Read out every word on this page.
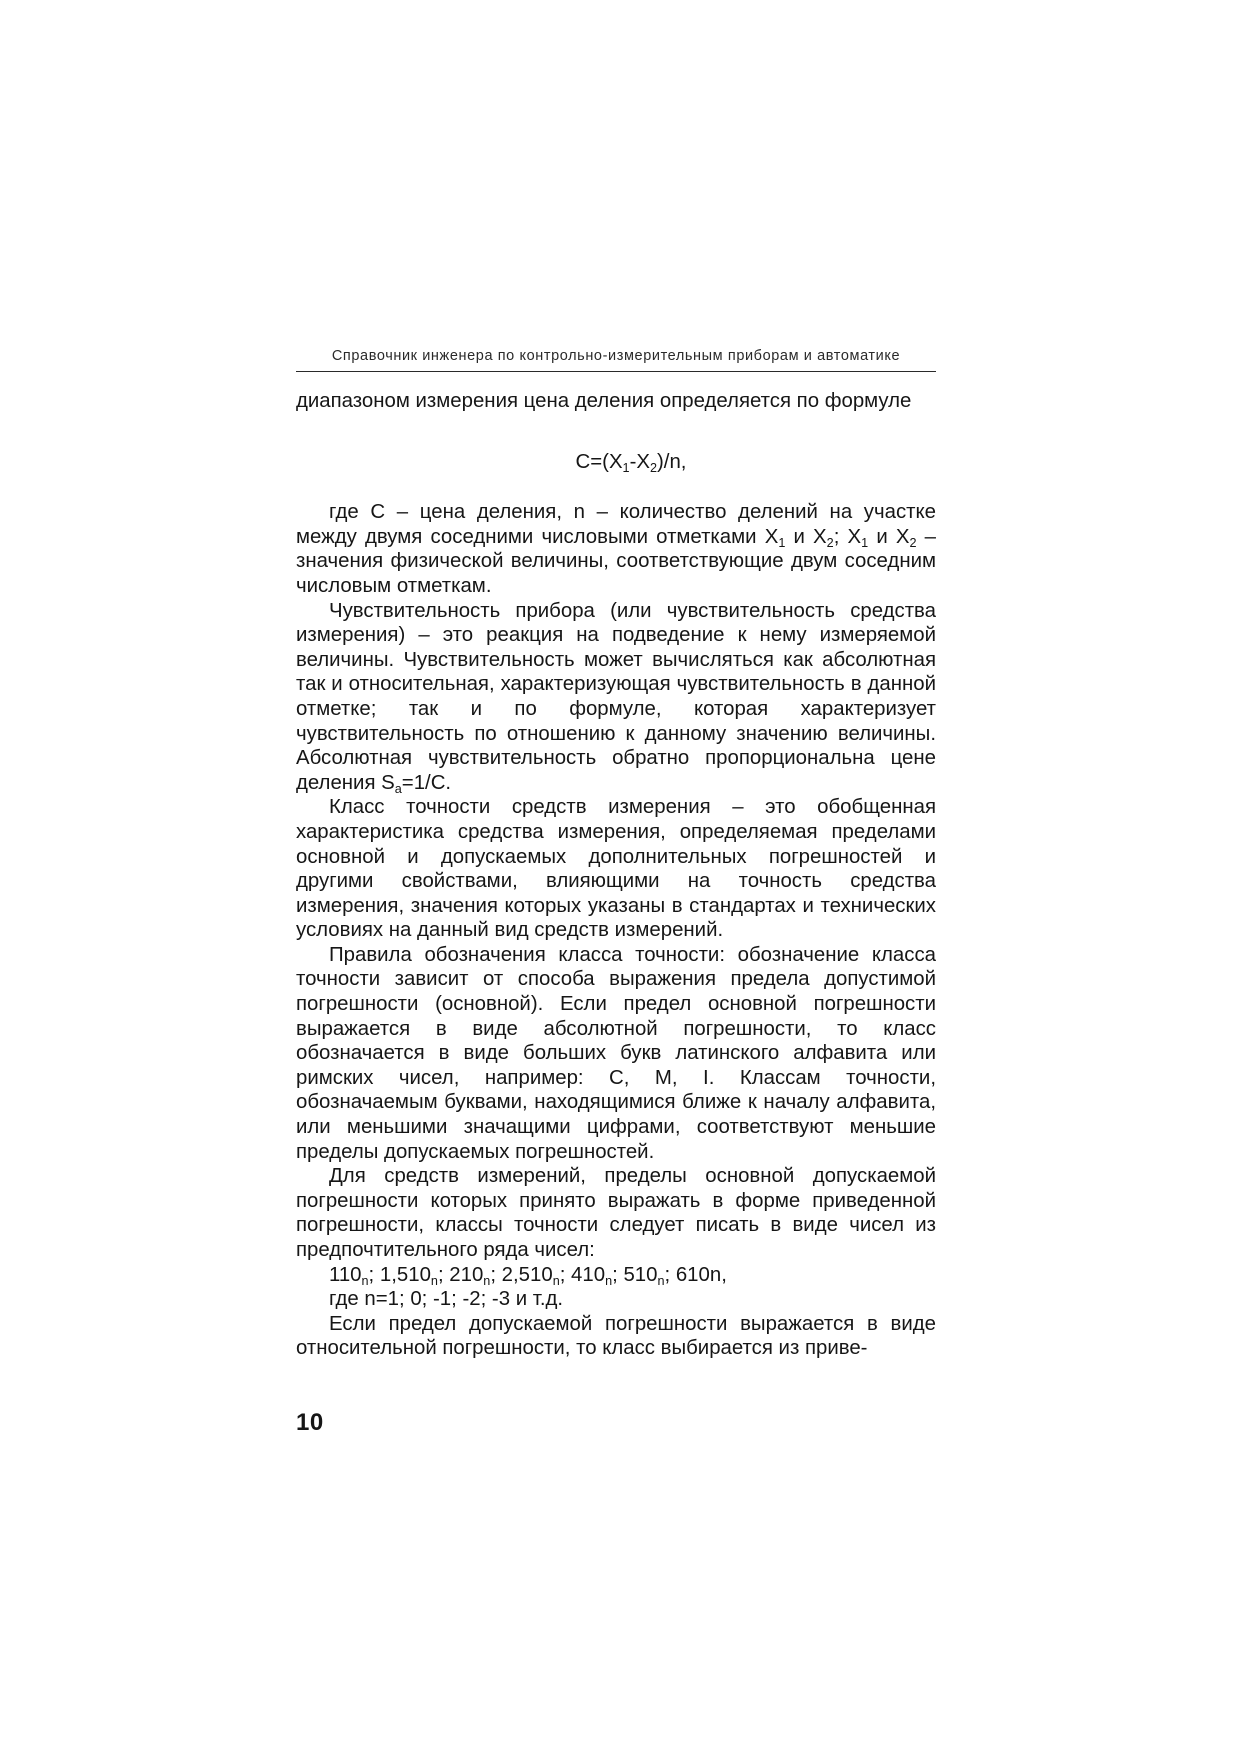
Справочник инженера по контрольно-измерительным приборам и автоматике

диапазоном измерения цена деления определяется по формуле

$C=(X_1-X_2)/n$,

где C – цена деления, n – количество делений на участке между двумя соседними числовыми отметками $X_1$ и $X_2$; $X_1$ и $X_2$ – значения физической величины, соответствующие двум соседним числовым отметкам.

Чувствительность прибора (или чувствительность средства измерения) – это реакция на подведение к нему измеряемой величины. Чувствительность может вычисляться как абсолютная так и относительная, характеризующая чувствительность в данной отметке; так и по формуле, которая характеризует чувствительность по отношению к данному значению величины. Абсолютная чувствительность обратно пропорциональна цене деления $S_a=1/C$.

Класс точности средств измерения – это обобщенная характеристика средства измерения, определяемая пределами основной и допускаемых дополнительных погрешностей и другими свойствами, влияющими на точность средства измерения, значения которых указаны в стандартах и технических условиях на данный вид средств измерений.

Правила обозначения класса точности: обозначение класса точности зависит от способа выражения предела допустимой погрешности (основной). Если предел основной погрешности выражается в виде абсолютной погрешности, то класс обозначается в виде больших букв латинского алфавита или римских чисел, например: C, M, I. Классам точности, обозначаемым буквами, находящимися ближе к началу алфавита, или меньшими значащими цифрами, соответствуют меньшие пределы допускаемых погрешностей.

Для средств измерений, пределы основной допускаемой погрешности которых принято выражать в форме приведенной погрешности, классы точности следует писать в виде чисел из предпочтительного ряда чисел:

$110_n$; $1,510_n$; $210_n$; $2,510_n$; $410_n$; $510_n$; 610n,
где n=1; 0; -1; -2; -3 и т.д.

Если предел допускаемой погрешности выражается в виде относительной погрешности, то класс выбирается из приве-

10
